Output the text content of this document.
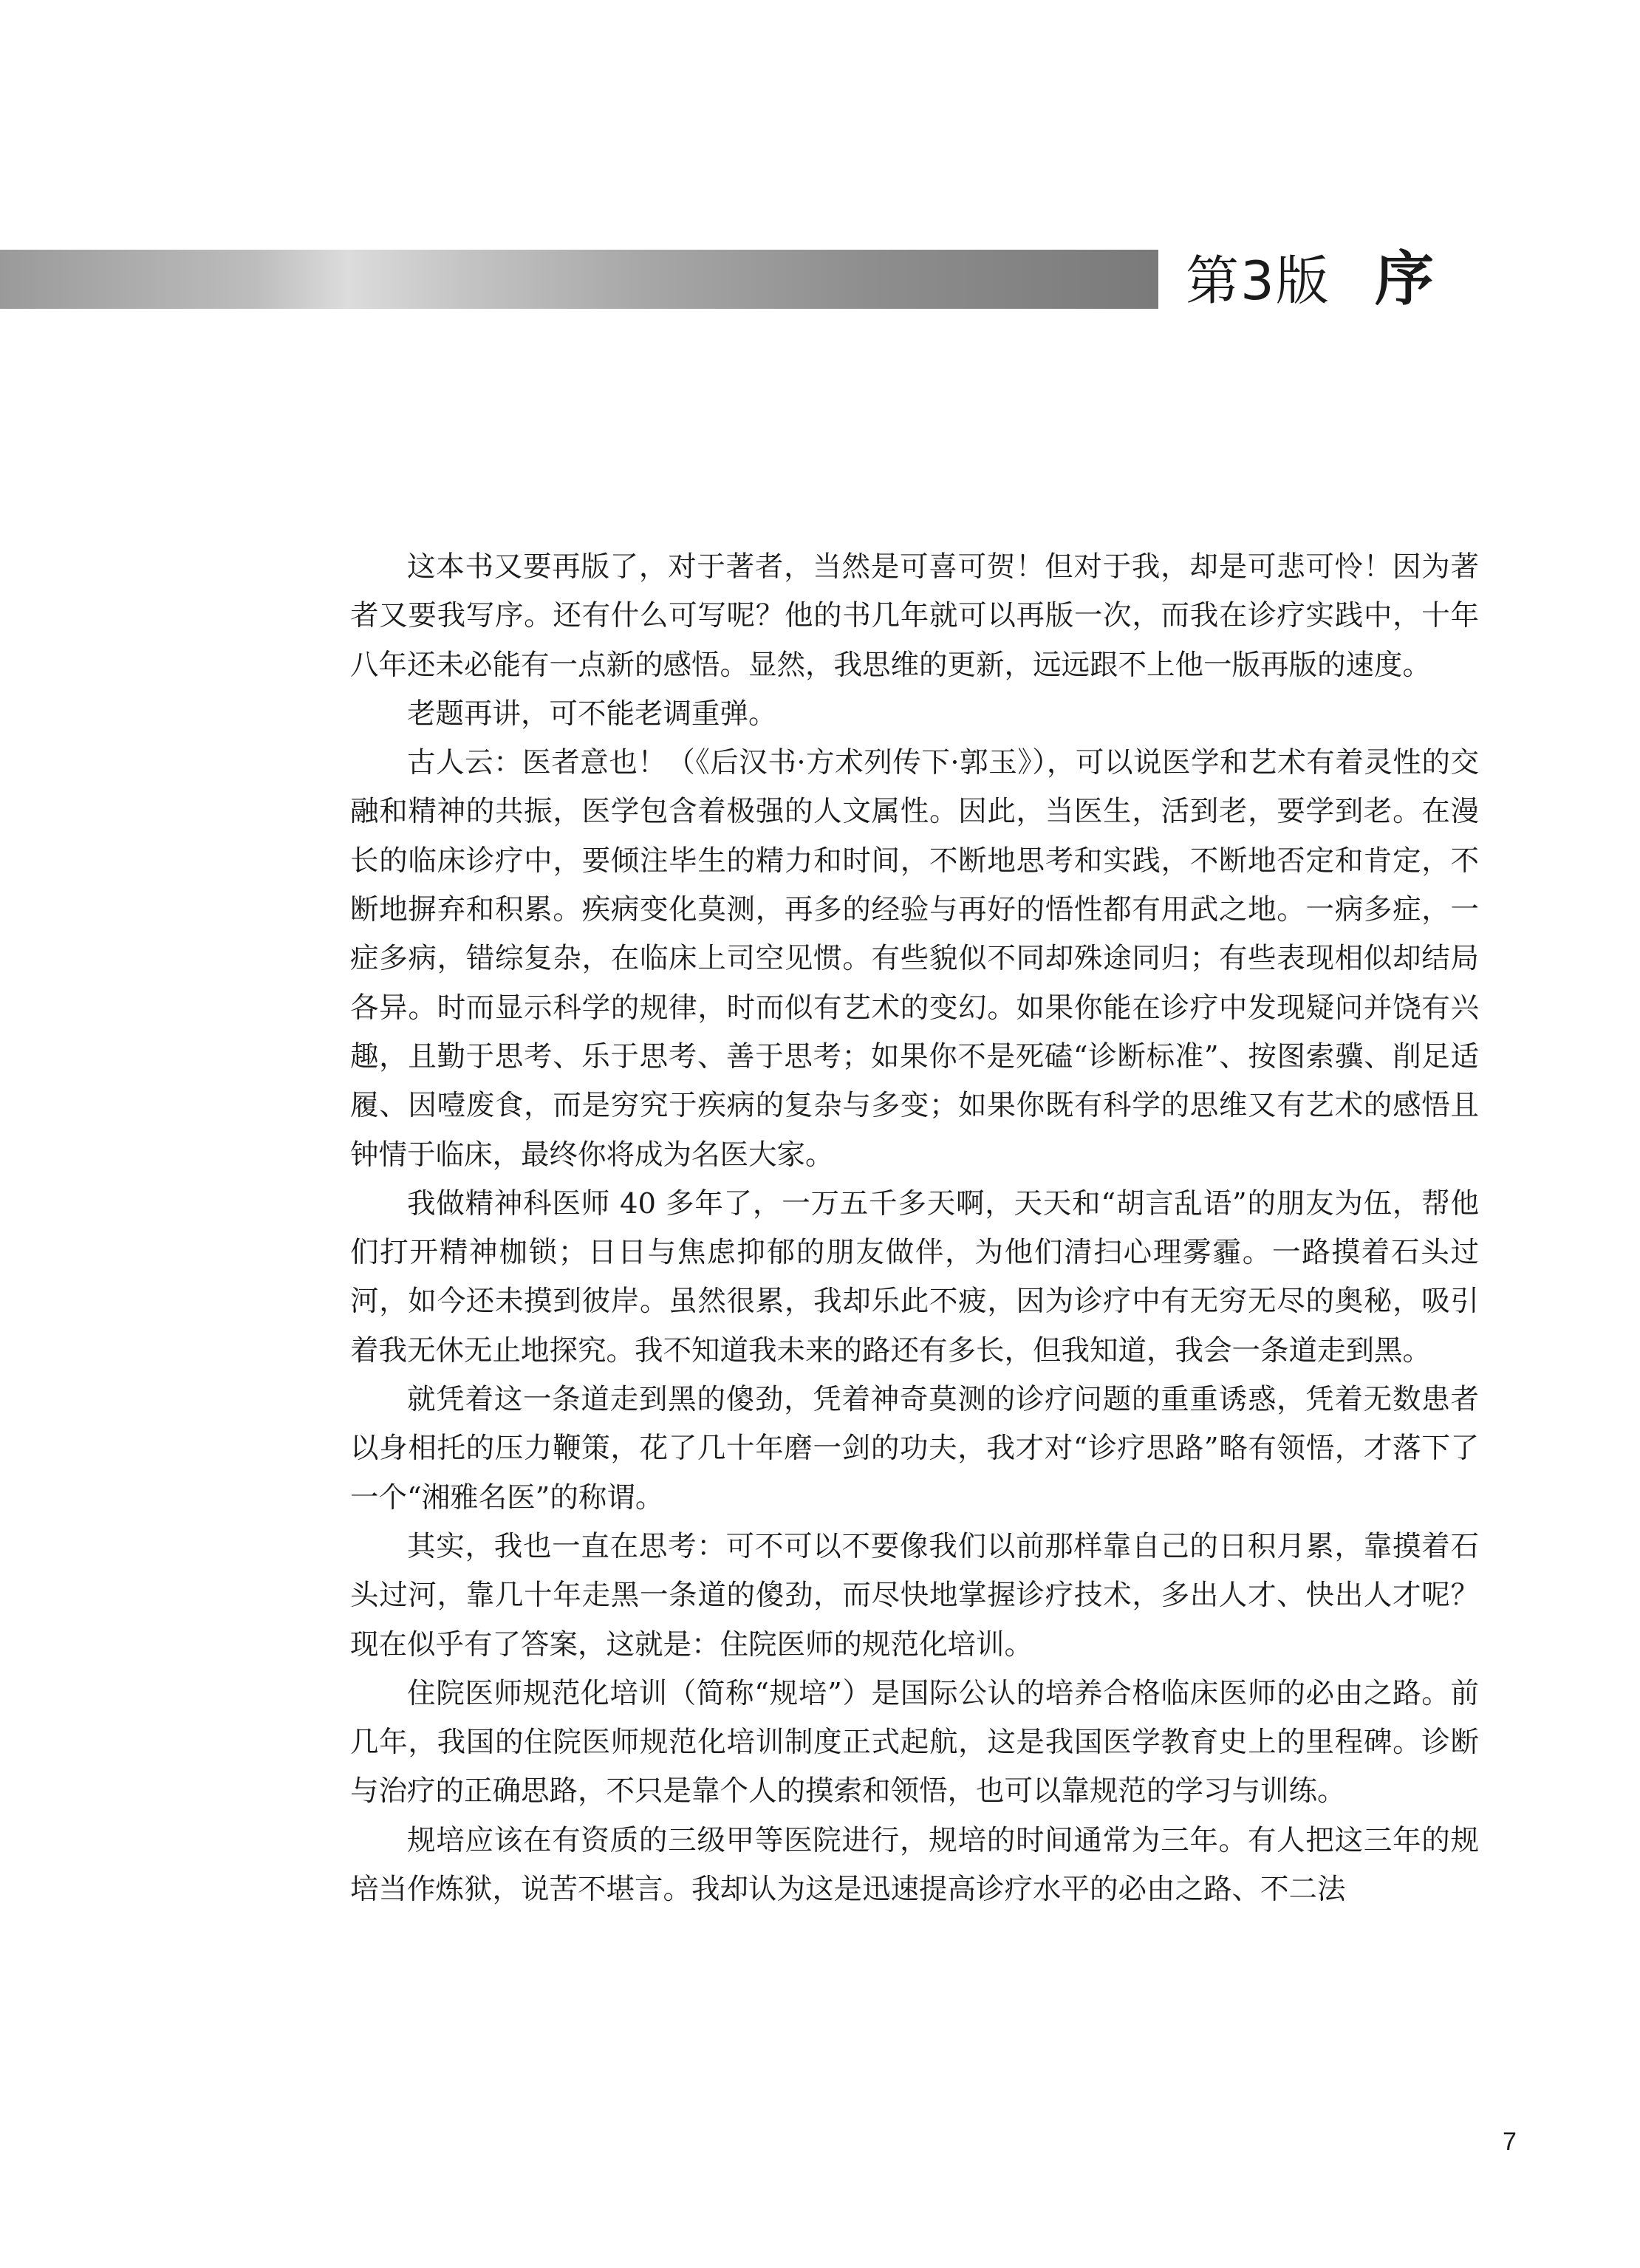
第3版 序

这本书又要再版了，对于著者，当然是可喜可贺！但对于我，却是可悲可怜！因为著者又要我写序。还有什么可写呢？他的书几年就可以再版一次，而我在诊疗实践中，十年八年还未必能有一点新的感悟。显然，我思维的更新，远远跟不上他一版再版的速度。

老题再讲，可不能老调重弹。

古人云：医者意也！（《后汉书·方术列传下·郭玉》），可以说医学和艺术有着灵性的交融和精神的共振，医学包含着极强的人文属性。因此，当医生，活到老，要学到老。在漫长的临床诊疗中，要倾注毕生的精力和时间，不断地思考和实践，不断地否定和肯定，不断地摒弃和积累。疾病变化莫测，再多的经验与再好的悟性都有用武之地。一病多症，一症多病，错综复杂，在临床上司空见惯。有些貌似不同却殊途同归；有些表现相似却结局各异。时而显示科学的规律，时而似有艺术的变幻。如果你能在诊疗中发现疑问并饶有兴趣，且勤于思考、乐于思考、善于思考；如果你不是死磕“诊断标准”、按图索骥、削足适履、因噎废食，而是穷究于疾病的复杂与多变；如果你既有科学的思维又有艺术的感悟且钟情于临床，最终你将成为名医大家。

我做精神科医师 40 多年了，一万五千多天啊，天天和“胡言乱语”的朋友为伍，帮他们打开精神枷锁；日日与焦虑抑郁的朋友做伴，为他们清扫心理雾霾。一路摸着石头过河，如今还未摸到彼岸。虽然很累，我却乐此不疲，因为诊疗中有无穷无尽的奥秘，吸引着我无休无止地探究。我不知道我未来的路还有多长，但我知道，我会一条道走到黑。

就凭着这一条道走到黑的傻劲，凭着神奇莫测的诊疗问题的重重诱惑，凭着无数患者以身相托的压力鞭策，花了几十年磨一剑的功夫，我才对“诊疗思路”略有领悟，才落下了一个“湘雅名医”的称谓。

其实，我也一直在思考：可不可以不要像我们以前那样靠自己的日积月累，靠摸着石头过河，靠几十年走黑一条道的傻劲，而尽快地掌握诊疗技术，多出人才、快出人才呢？现在似乎有了答案，这就是：住院医师的规范化培训。

住院医师规范化培训（简称“规培”）是国际公认的培养合格临床医师的必由之路。前几年，我国的住院医师规范化培训制度正式起航，这是我国医学教育史上的里程碑。诊断与治疗的正确思路，不只是靠个人的摸索和领悟，也可以靠规范的学习与训练。

规培应该在有资质的三级甲等医院进行，规培的时间通常为三年。有人把这三年的规培当作炼狱，说苦不堪言。我却认为这是迅速提高诊疗水平的必由之路、不二法

7
